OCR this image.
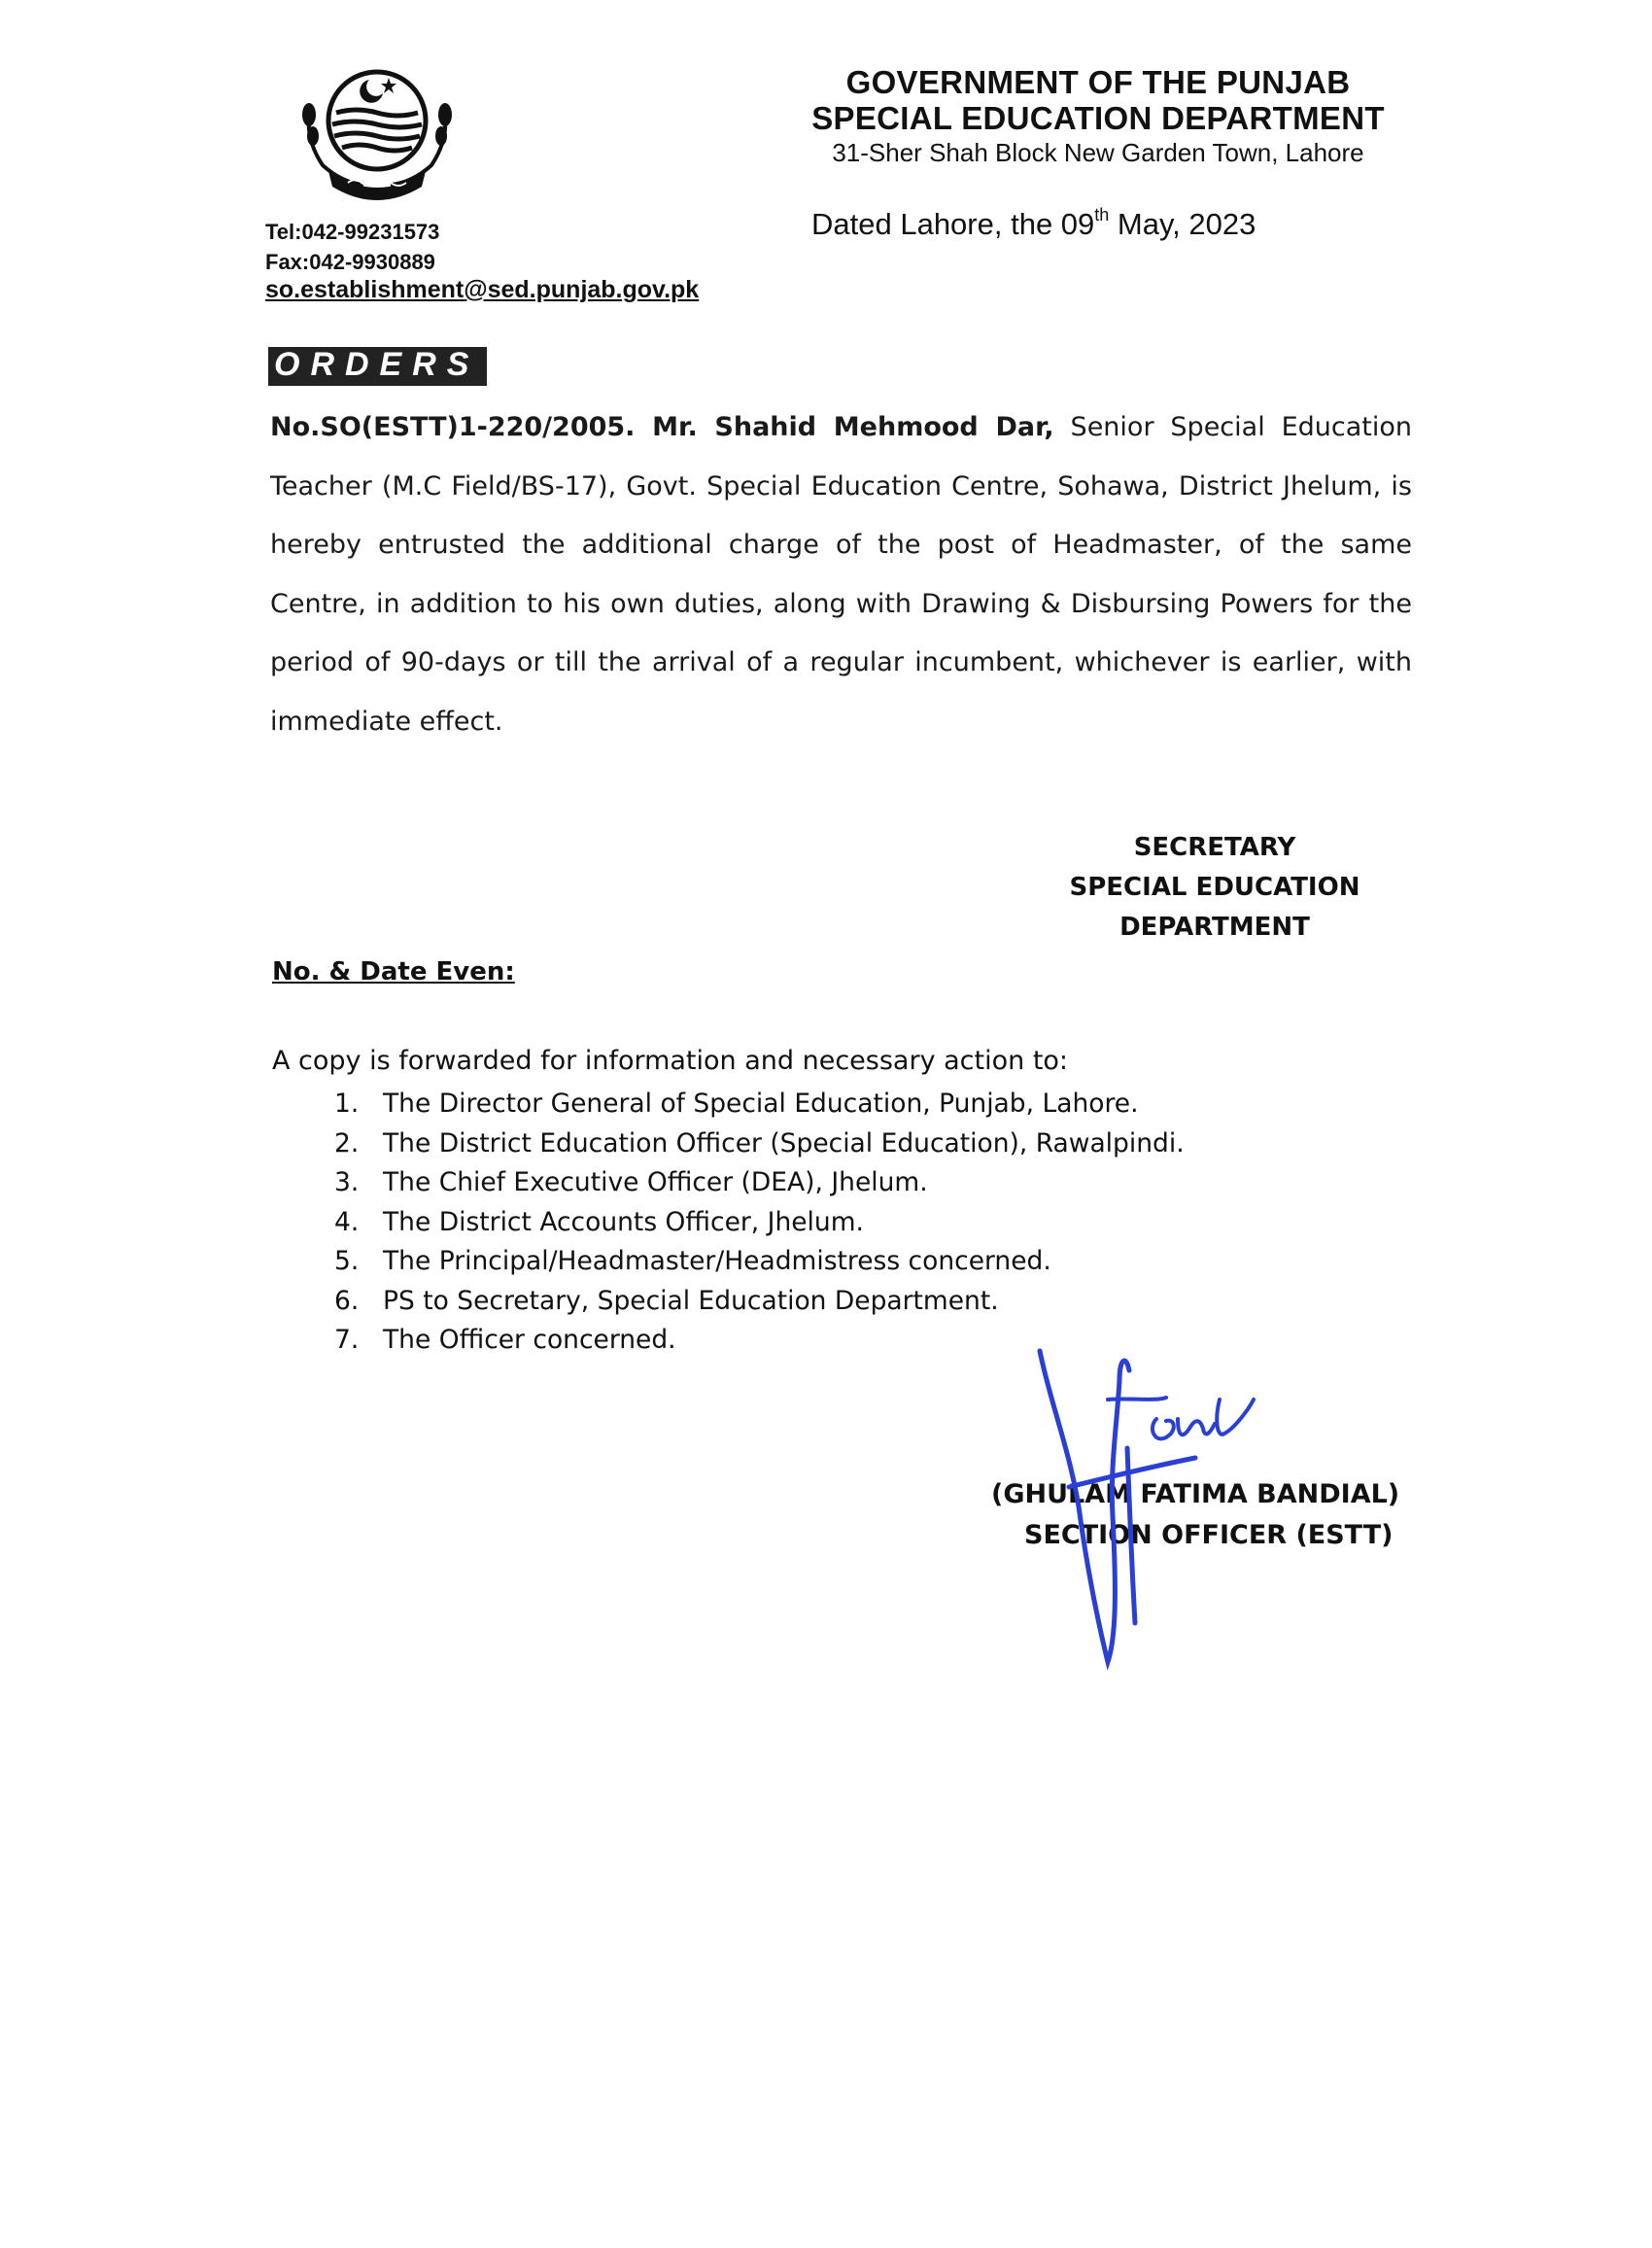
GOVERNMENT OF THE PUNJAB
SPECIAL EDUCATION DEPARTMENT
31-Sher Shah Block New Garden Town, Lahore
Tel:042-99231573
Fax:042-9930889
so.establishment@sed.punjab.gov.pk
Dated Lahore, the 09th May, 2023
ORDERS
No.SO(ESTT)1-220/2005. Mr. Shahid Mehmood Dar, Senior Special Education Teacher (M.C Field/BS-17), Govt. Special Education Centre, Sohawa, District Jhelum, is hereby entrusted the additional charge of the post of Headmaster, of the same Centre, in addition to his own duties, along with Drawing & Disbursing Powers for the period of 90-days or till the arrival of a regular incumbent, whichever is earlier, with immediate effect.
SECRETARY
SPECIAL EDUCATION
DEPARTMENT
No. & Date Even:
A copy is forwarded for information and necessary action to:
1. The Director General of Special Education, Punjab, Lahore.
2. The District Education Officer (Special Education), Rawalpindi.
3. The Chief Executive Officer (DEA), Jhelum.
4. The District Accounts Officer, Jhelum.
5. The Principal/Headmaster/Headmistress concerned.
6. PS to Secretary, Special Education Department.
7. The Officer concerned.
(GHULAM FATIMA BANDIAL)
SECTION OFFICER (ESTT)
